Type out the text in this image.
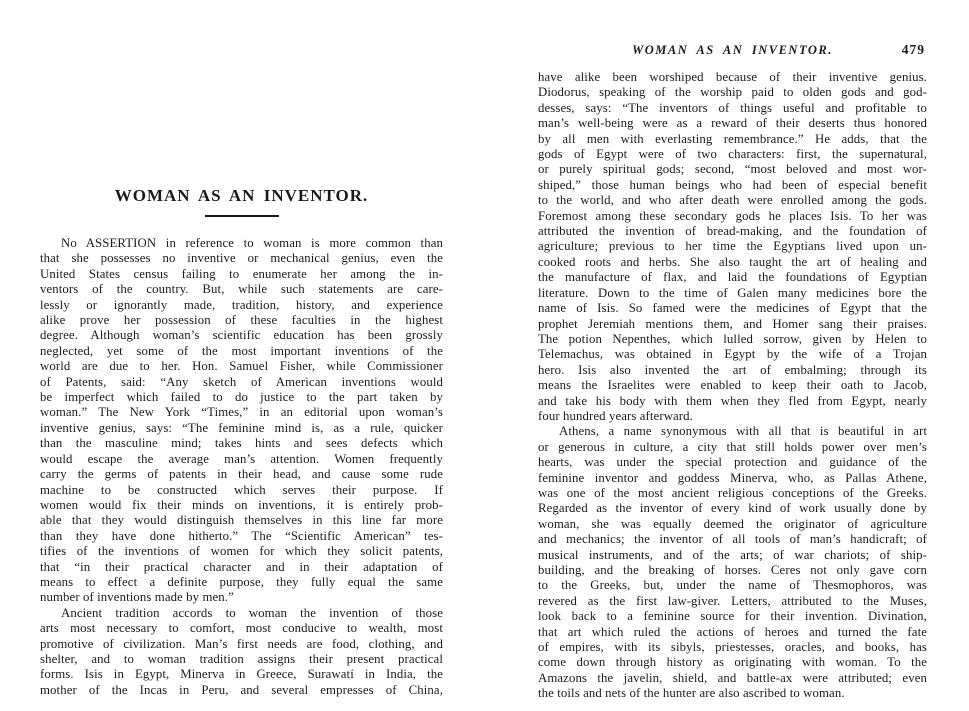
WOMAN AS AN INVENTOR.
No ASSERTION in reference to woman is more common than
that she possesses no inventive or mechanical genius, even the
United States census failing to enumerate her among the in-
ventors of the country. But, while such statements are care-
lessly or ignorantly made, tradition, history, and experience
alike prove her possession of these faculties in the highest
degree. Although woman’s scientific education has been grossly
neglected, yet some of the most important inventions of the
world are due to her. Hon. Samuel Fisher, while Commissioner
of Patents, said: “Any sketch of American inventions would
be imperfect which failed to do justice to the part taken by
woman.” The New York “Times,” in an editorial upon woman’s
inventive genius, says: “The feminine mind is, as a rule, quicker
than the masculine mind; takes hints and sees defects which
would escape the average man’s attention. Women frequently
carry the germs of patents in their head, and cause some rude
machine to be constructed which serves their purpose. If
women would fix their minds on inventions, it is entirely prob-
able that they would distinguish themselves in this line far more
than they have done hitherto.” The “Scientific American” tes-
tifies of the inventions of women for which they solicit patents,
that “in their practical character and in their adaptation of
means to effect a definite purpose, they fully equal the same
number of inventions made by men.”
Ancient tradition accords to woman the invention of those
arts most necessary to comfort, most conducive to wealth, most
promotive of civilization. Man’s first needs are food, clothing, and
shelter, and to woman tradition assigns their present practical
forms. Isis in Egypt, Minerva in Greece, Surawatí in India, the
mother of the Incas in Peru, and several empresses of China,
WOMAN AS AN INVENTOR.	479
have alike been worshiped because of their inventive genius.
Diodorus, speaking of the worship paid to olden gods and god-
desses, says: “The inventors of things useful and profitable to
man’s well-being were as a reward of their deserts thus honored
by all men with everlasting remembrance.” He adds, that the
gods of Egypt were of two characters: first, the supernatural,
or purely spiritual gods; second, “most beloved and most wor-
shiped,” those human beings who had been of especial benefit
to the world, and who after death were enrolled among the gods.
Foremost among these secondary gods he places Isis. To her was
attributed the invention of bread-making, and the foundation of
agriculture; previous to her time the Egyptians lived upon un-
cooked roots and herbs. She also taught the art of healing and
the manufacture of flax, and laid the foundations of Egyptian
literature. Down to the time of Galen many medicines bore the
name of Isis. So famed were the medicines of Egypt that the
prophet Jeremiah mentions them, and Homer sang their praises.
The potion Nepenthes, which lulled sorrow, given by Helen to
Telemachus, was obtained in Egypt by the wife of a Trojan
hero. Isis also invented the art of embalming; through its
means the Israelites were enabled to keep their oath to Jacob,
and take his body with them when they fled from Egypt, nearly
four hundred years afterward.
Athens, a name synonymous with all that is beautiful in art
or generous in culture, a city that still holds power over men’s
hearts, was under the special protection and guidance of the
feminine inventor and goddess Minerva, who, as Pallas Athene,
was one of the most ancient religious conceptions of the Greeks.
Regarded as the inventor of every kind of work usually done by
woman, she was equally deemed the originator of agriculture
and mechanics; the inventor of all tools of man’s handicraft; of
musical instruments, and of the arts; of war chariots; of ship-
building, and the breaking of horses. Ceres not only gave corn
to the Greeks, but, under the name of Thesmophoros, was
revered as the first law-giver. Letters, attributed to the Muses,
look back to a feminine source for their invention. Divination,
that art which ruled the actions of heroes and turned the fate
of empires, with its sibyls, priestesses, oracles, and books, has
come down through history as originating with woman. To the
Amazons the javelin, shield, and battle-ax were attributed; even
the toils and nets of the hunter are also ascribed to woman.
